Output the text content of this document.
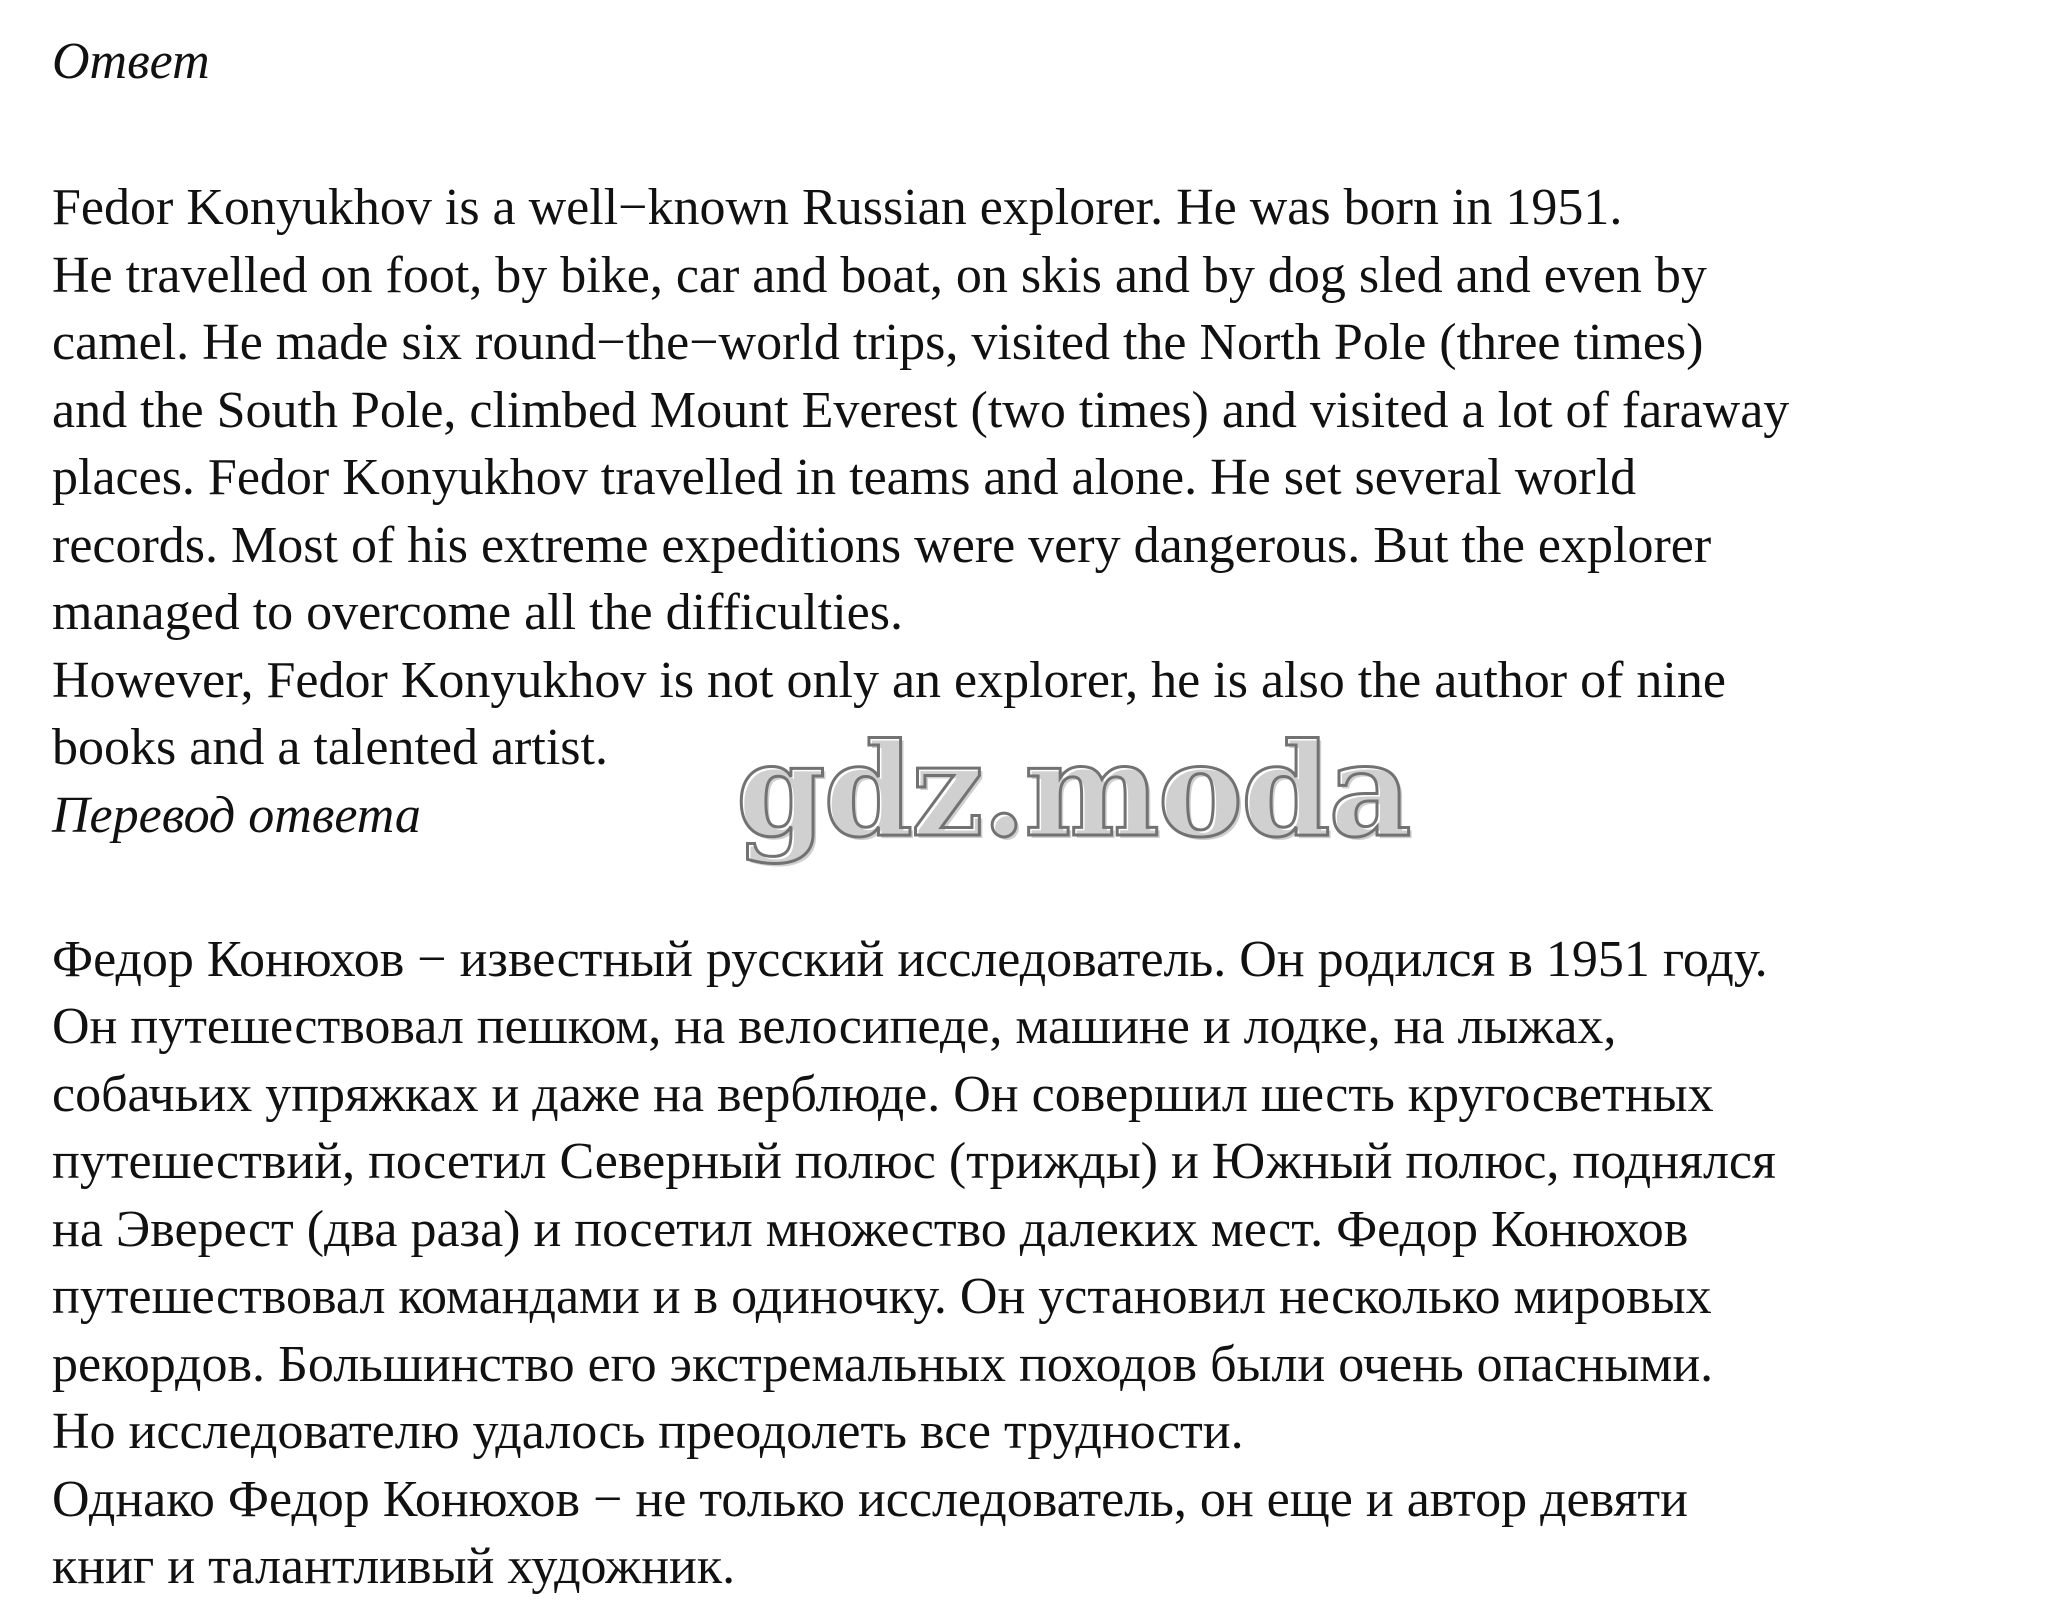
Ответ

Fedor Konyukhov is a well−known Russian explorer. He was born in 1951.
He travelled on foot, by bike, car and boat, on skis and by dog sled and even by
camel. He made six round−the−world trips, visited the North Pole (three times)
and the South Pole, climbed Mount Everest (two times) and visited a lot of faraway
places. Fedor Konyukhov travelled in teams and alone. He set several world
records. Most of his extreme expeditions were very dangerous. But the explorer
managed to overcome all the difficulties.
However, Fedor Konyukhov is not only an explorer, he is also the author of nine
books and a talented artist.

Перевод ответа

Федор Конюхов − известный русский исследователь. Он родился в 1951 году.
Он путешествовал пешком, на велосипеде, машине и лодке, на лыжах,
собачьих упряжках и даже на верблюде. Он совершил шесть кругосветных
путешествий, посетил Северный полюс (трижды) и Южный полюс, поднялся
на Эверест (два раза) и посетил множество далеких мест. Федор Конюхов
путешествовал командами и в одиночку. Он установил несколько мировых
рекордов. Большинство его экстремальных походов были очень опасными.
Но исследователю удалось преодолеть все трудности.
Однако Федор Конюхов − не только исследователь, он еще и автор девяти
книг и талантливый художник.

gdz.moda
